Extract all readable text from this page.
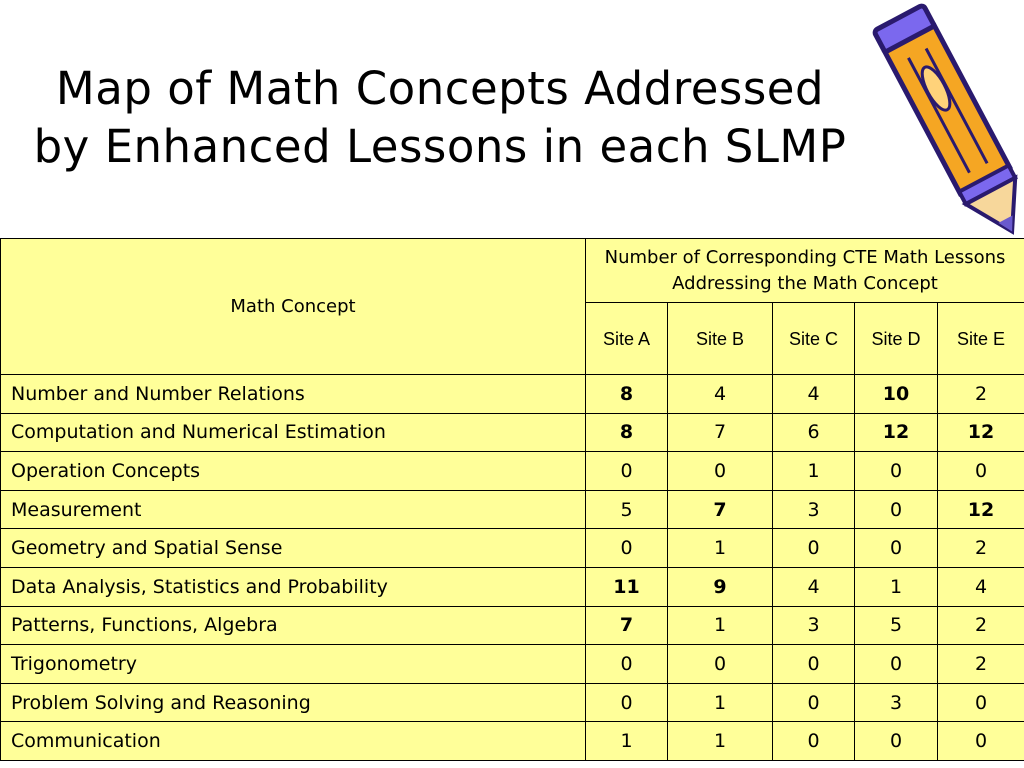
Map of Math Concepts Addressed
by Enhanced Lessons in each SLMP
Math Concept	Number of Corresponding CTE Math Lessons Addressing the Math Concept				
	Site A	Site B	Site C	Site D	Site E
Number and Number Relations	8	4	4	10	2
Computation and Numerical Estimation	8	7	6	12	12
Operation Concepts	0	0	1	0	0
Measurement	5	7	3	0	12
Geometry and Spatial Sense	0	1	0	0	2
Data Analysis, Statistics and Probability	11	9	4	1	4
Patterns, Functions, Algebra	7	1	3	5	2
Trigonometry	0	0	0	0	2
Problem Solving and Reasoning	0	1	0	3	0
Communication	1	1	0	0	0
